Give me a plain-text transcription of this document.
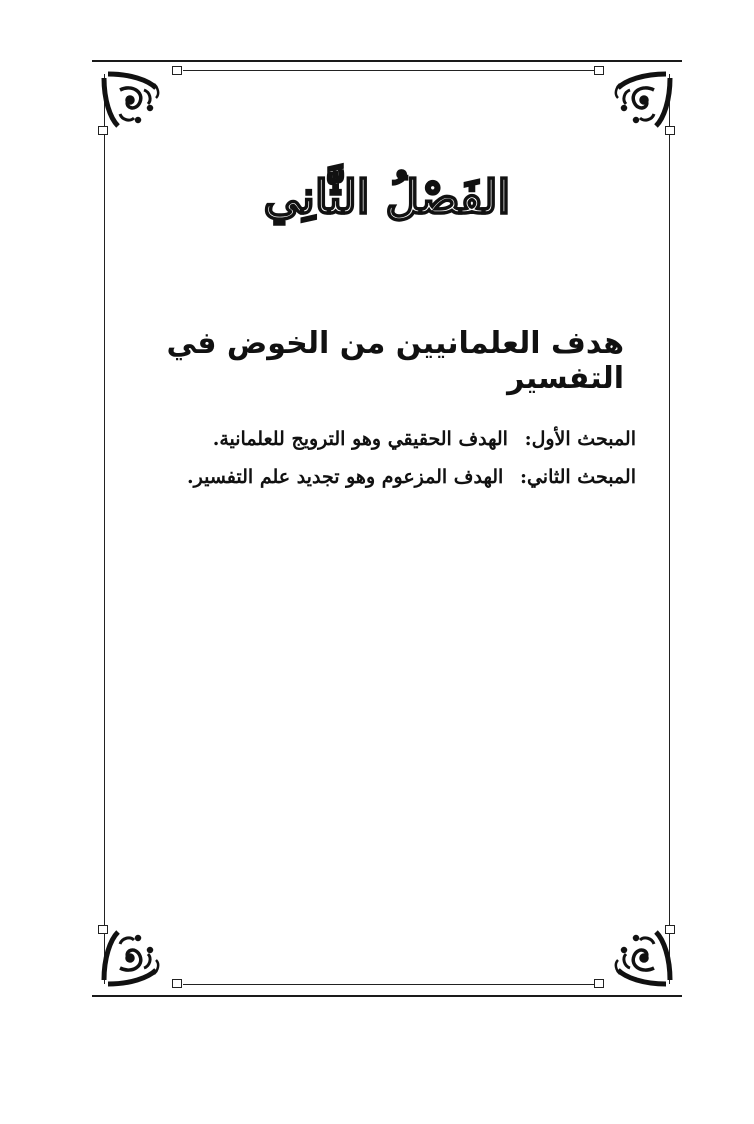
الفَصْلُ الثَّانِي
هدف العلمانيين من الخوض في التفسير
المبحث الأول: الهدف الحقيقي وهو الترويج للعلمانية.
المبحث الثاني: الهدف المزعوم وهو تجديد علم التفسير.
